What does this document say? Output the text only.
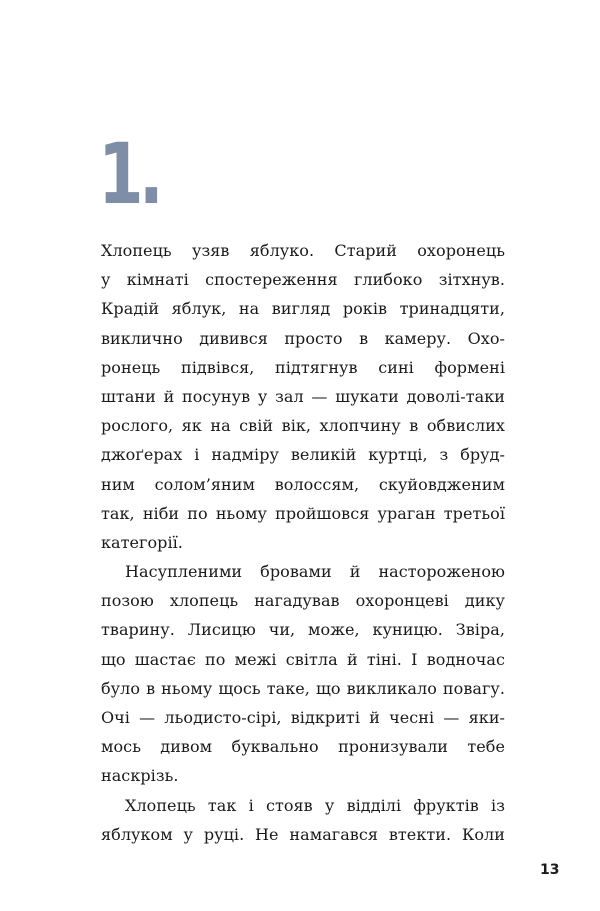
1.
Хлопець узяв яблуко. Старий охоронець
у кімнаті спостереження глибоко зітхнув.
Крадій яблук, на вигляд років тринадцяти,
виклично дивився просто в камеру. Охо-
ронець підвівся, підтягнув сині формені
штани й посунув у зал — шукати доволі-таки
рослого, як на свій вік, хлопчину в обвислих
джоґерах і надміру великій куртці, з бруд-
ним солом’яним волоссям, скуйовдженим
так, ніби по ньому пройшовся ураган третьої
категорії.
Насупленими бровами й настороженою
позою хлопець нагадував охоронцеві дику
тварину. Лисицю чи, може, куницю. Звіра,
що шастає по межі світла й тіні. І водночас
було в ньому щось таке, що викликало повагу.
Очі — льодисто-сірі, відкриті й чесні — яки-
мось дивом буквально пронизували тебе
наскрізь.
Хлопець так і стояв у відділі фруктів із
яблуком у руці. Не намагався втекти. Коли
13
